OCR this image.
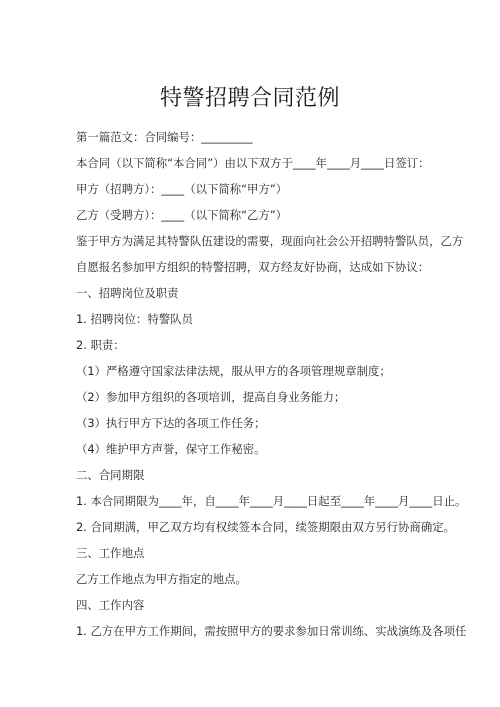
特警招聘合同范例
第一篇范文：合同编号：_________
本合同（以下简称“本合同”）由以下双方于____年____月____日签订：
甲方（招聘方）：____（以下简称“甲方”）
乙方（受聘方）：____（以下简称“乙方”）
鉴于甲方为满足其特警队伍建设的需要，现面向社会公开招聘特警队员，乙方
自愿报名参加甲方组织的特警招聘，双方经友好协商，达成如下协议：
一、招聘岗位及职责
1. 招聘岗位：特警队员
2. 职责：
（1）严格遵守国家法律法规，服从甲方的各项管理规章制度；
（2）参加甲方组织的各项培训，提高自身业务能力；
（3）执行甲方下达的各项工作任务；
（4）维护甲方声誉，保守工作秘密。
二、合同期限
1. 本合同期限为____年，自____年____月____日起至____年____月____日止。
2. 合同期满，甲乙双方均有权续签本合同，续签期限由双方另行协商确定。
三、工作地点
乙方工作地点为甲方指定的地点。
四、工作内容
1. 乙方在甲方工作期间，需按照甲方的要求参加日常训练、实战演练及各项任
